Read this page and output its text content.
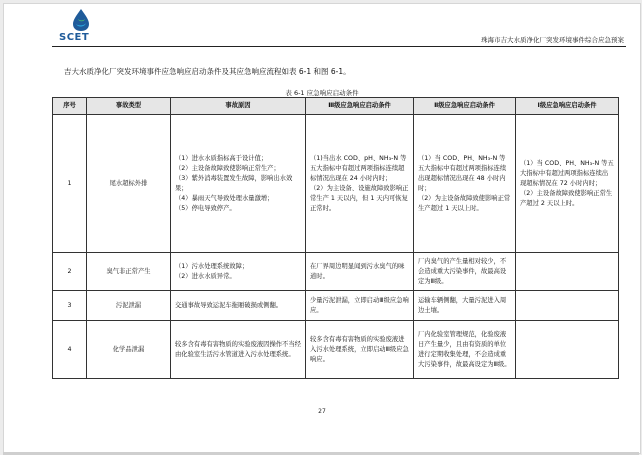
SCET	珠海市吉大水质净化厂突发环境事件综合应急预案
吉大水质净化厂突发环境事件应急响应启动条件及其应急响应流程如表 6-1 和图 6-1。
表 6-1 应急响应启动条件
序号	事故类型	事故原因	Ⅲ级应急响应启动条件	Ⅱ级应急响应启动条件	Ⅰ级应急响应启动条件
1	尾水超标外排	（1）进水水质指标高于设计值；
（2）主设备故障致使影响正常生产；
（3）紫外消毒装置发生故障，影响出水效果；
（4）暴雨天气导致处理水量激增；
（5）停电导致停产。	（1)当出水 COD、pH、NH₃-N 等五大指标中有超过两项指标连续超标情况出现在 24 小时内时；
（2）为主设备、设施故障致影响正常生产 1 天以内，但 1 天内可恢复正常时。	（1）当 COD、PH、NH₃-N 等五大指标中有超过两项指标连续出现超标情况出现在 48 小时内时；
（2）为主设备故障致使影响正常生产超过 1 天以上时。	（1）当 COD、PH、NH₃-N 等五大指标中有超过两项指标连续出现超标情况在 72 小时内时；
（2）主设备故障致使影响正常生产超过 2 天以上时。

2	臭气非正常产生	（1）污水处理系统故障；
（2）进水水质异常。	在厂界周边明显闻到污水臭气的味道时。	厂内臭气的产生量相对较少，不会造成重大污染事件，故最高设定为Ⅲ级。	

3	污泥泄漏	交通事故导致运泥车拖厢破损或侧翻。	少量污泥泄漏，立即启动Ⅲ级应急响应。	运输车辆侧翻，大量污泥进入周边土壤。	

4	化学品泄漏	较多含有毒有害物质的实验废液因操作不当经由化验室生活污水管道进入污水处理系统。	较多含有毒有害物质的实验废液进入污水处理系统，立即启动Ⅲ级应急响应。	厂内化验室管理规范，化验废液日产生量少，且由有资质的单位进行定期收集处理，不会造成重大污染事件，故最高设定为Ⅲ级。	

27
